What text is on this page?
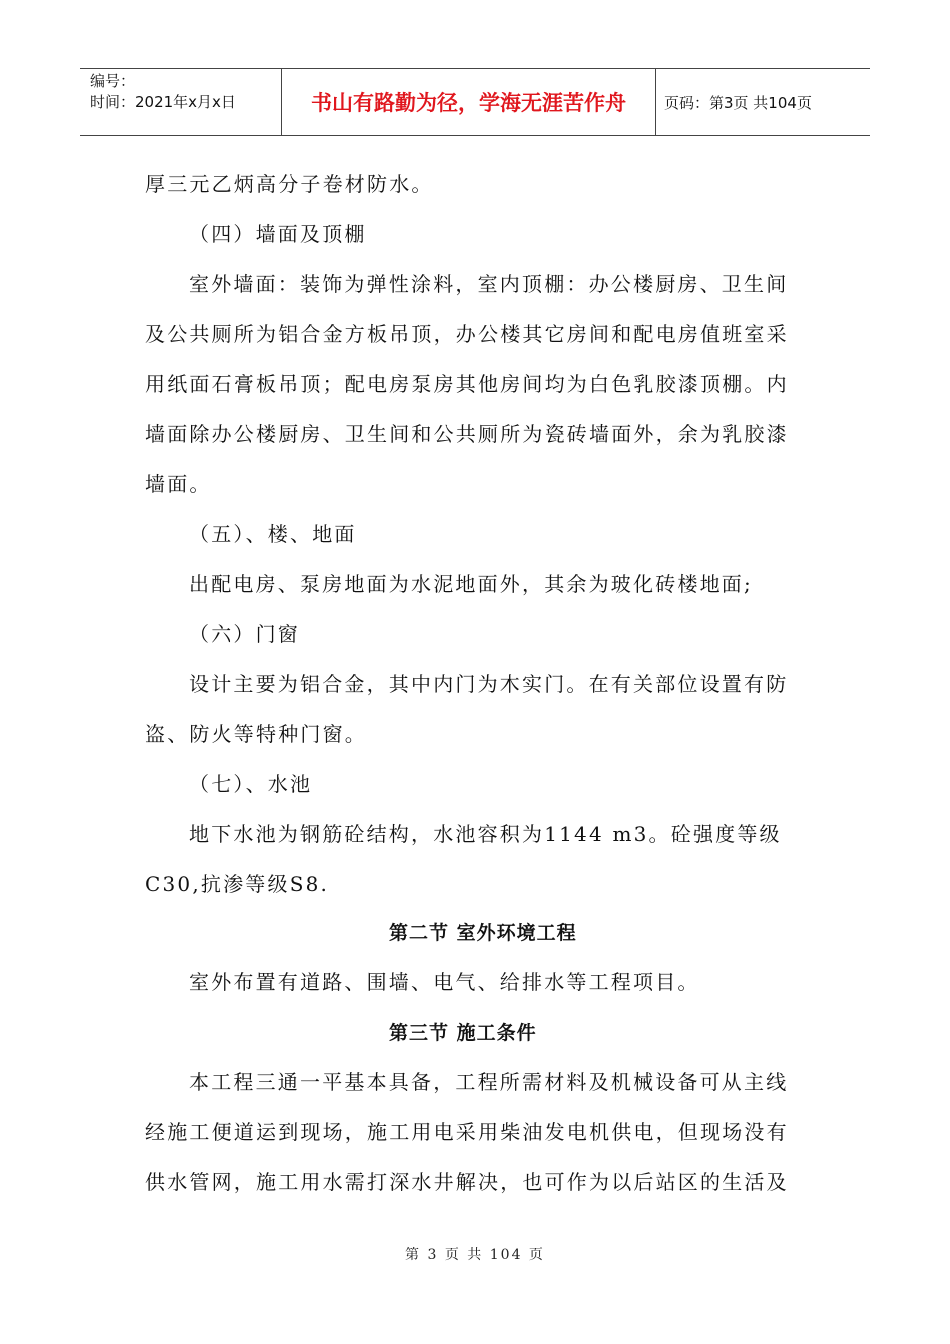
编号：
时间：2021年x月x日	书山有路勤为径，学海无涯苦作舟	页码：第3页 共104页
厚三元乙炳高分子卷材防水。
（四）墙面及顶棚
室外墙面：装饰为弹性涂料，室内顶棚：办公楼厨房、卫生间
及公共厕所为铝合金方板吊顶，办公楼其它房间和配电房值班室采
用纸面石膏板吊顶；配电房泵房其他房间均为白色乳胶漆顶棚。内
墙面除办公楼厨房、卫生间和公共厕所为瓷砖墙面外，余为乳胶漆
墙面。
（五）、楼、地面
出配电房、泵房地面为水泥地面外，其余为玻化砖楼地面;
（六）门窗
设计主要为铝合金，其中内门为木实门。在有关部位设置有防
盗、防火等特种门窗。
（七）、水池
地下水池为钢筋砼结构，水池容积为1144 m3。砼强度等级
C30,抗渗等级S8.
第二节 室外环境工程
室外布置有道路、围墙、电气、给排水等工程项目。
第三节 施工条件
本工程三通一平基本具备，工程所需材料及机械设备可从主线
经施工便道运到现场，施工用电采用柴油发电机供电，但现场没有
供水管网，施工用水需打深水井解决，也可作为以后站区的生活及
第 3 页 共 104 页
